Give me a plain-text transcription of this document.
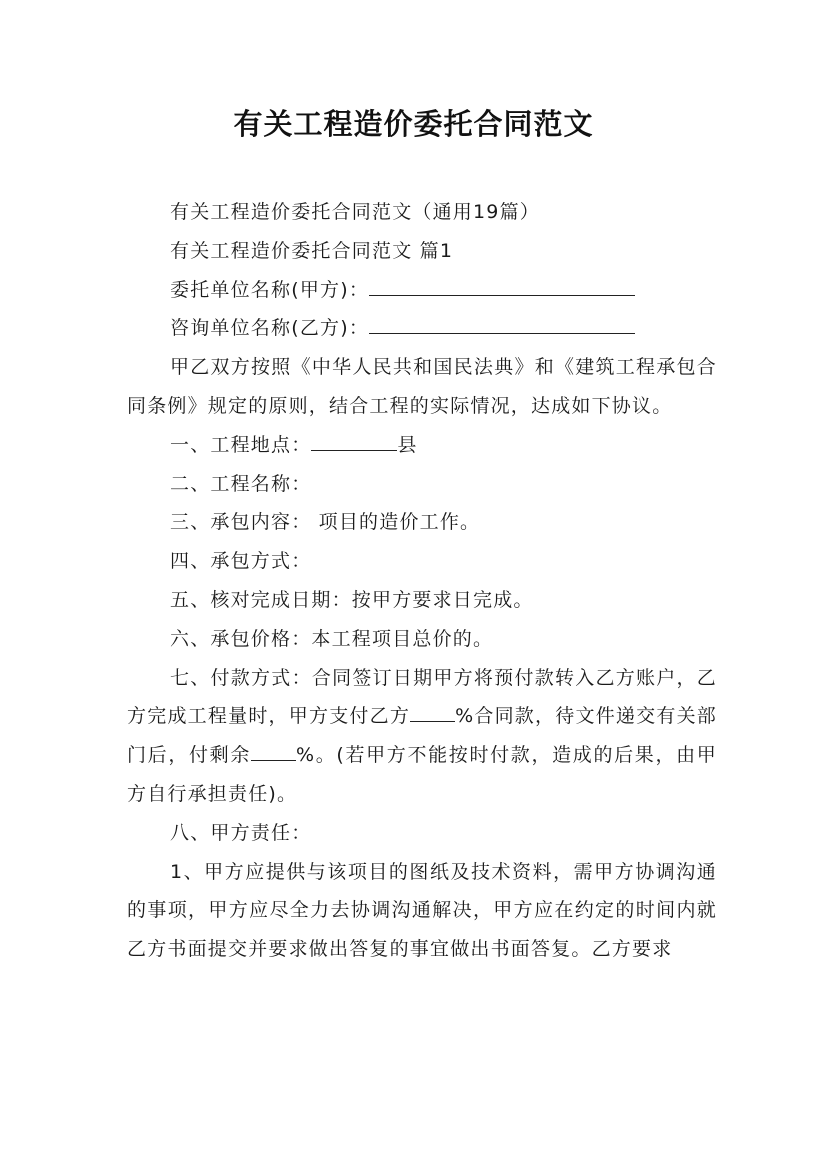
有关工程造价委托合同范文

有关工程造价委托合同范文（通用19篇）

有关工程造价委托合同范文 篇1

委托单位名称(甲方)：

咨询单位名称(乙方)：

甲乙双方按照《中华人民共和国民法典》和《建筑工程承包合同条例》规定的原则，结合工程的实际情况，达成如下协议。

一、工程地点：	县

二、工程名称：

三、承包内容： 项目的造价工作。

四、承包方式：

五、核对完成日期：按甲方要求日完成。

六、承包价格：本工程项目总价的。

七、付款方式：合同签订日期甲方将预付款转入乙方账户，乙方完成工程量时，甲方支付乙方 %合同款，待文件递交有关部门后，付剩余 %。(若甲方不能按时付款，造成的后果，由甲方自行承担责任)。

八、甲方责任：

1、甲方应提供与该项目的图纸及技术资料，需甲方协调沟通的事项，甲方应尽全力去协调沟通解决，甲方应在约定的时间内就乙方书面提交并要求做出答复的事宜做出书面答复。乙方要求
